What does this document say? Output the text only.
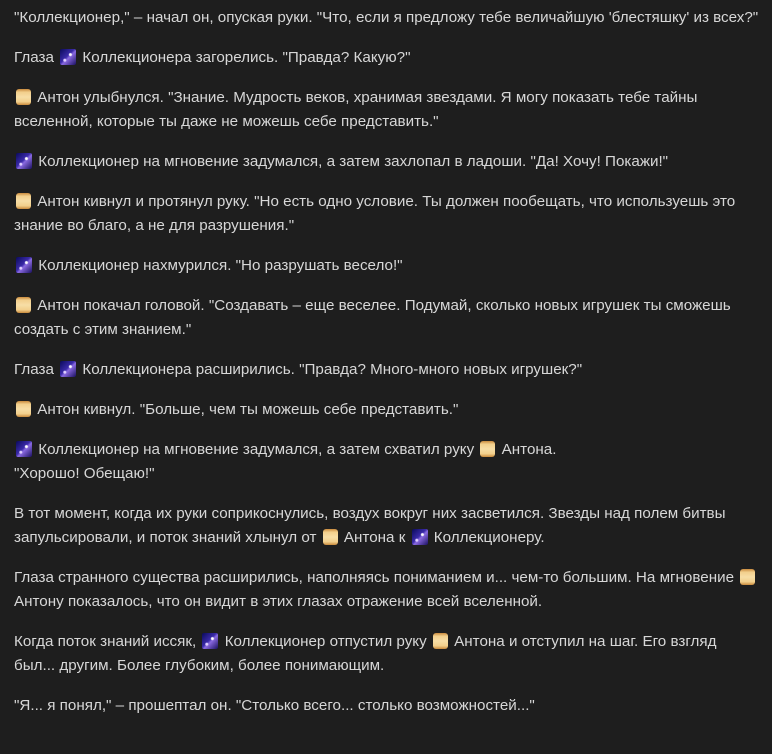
"Коллекционер," – начал он, опуская руки. "Что, если я предложу тебе величайшую 'блестяшку' из всех?"

Глаза  Коллекционера загорелись. "Правда? Какую?"

Антон улыбнулся. "Знание. Мудрость веков, хранимая звездами. Я могу показать тебе тайны вселенной, которые ты даже не можешь себе представить."

Коллекционер на мгновение задумался, а затем захлопал в ладоши. "Да! Хочу! Покажи!"

Антон кивнул и протянул руку. "Но есть одно условие. Ты должен пообещать, что используешь это знание во благо, а не для разрушения."

Коллекционер нахмурился. "Но разрушать весело!"

Антон покачал головой. "Создавать – еще веселее. Подумай, сколько новых игрушек ты сможешь создать с этим знанием."

Глаза  Коллекционера расширились. "Правда? Много-много новых игрушек?"

Антон кивнул. "Больше, чем ты можешь себе представить."

Коллекционер на мгновение задумался, а затем схватил руку  Антона.
"Хорошо! Обещаю!"

В тот момент, когда их руки соприкоснулись, воздух вокруг них засветился. Звезды над полем битвы запульсировали, и поток знаний хлынул от  Антона к  Коллекционеру.

Глаза странного существа расширились, наполняясь пониманием и... чем-то большим. На мгновение  Антону показалось, что он видит в этих глазах отражение всей вселенной.

Когда поток знаний иссяк,  Коллекционер отпустил руку  Антона и отступил на шаг. Его взгляд был... другим. Более глубоким, более понимающим.

"Я... я понял," – прошептал он. "Столько всего... столько возможностей..."
